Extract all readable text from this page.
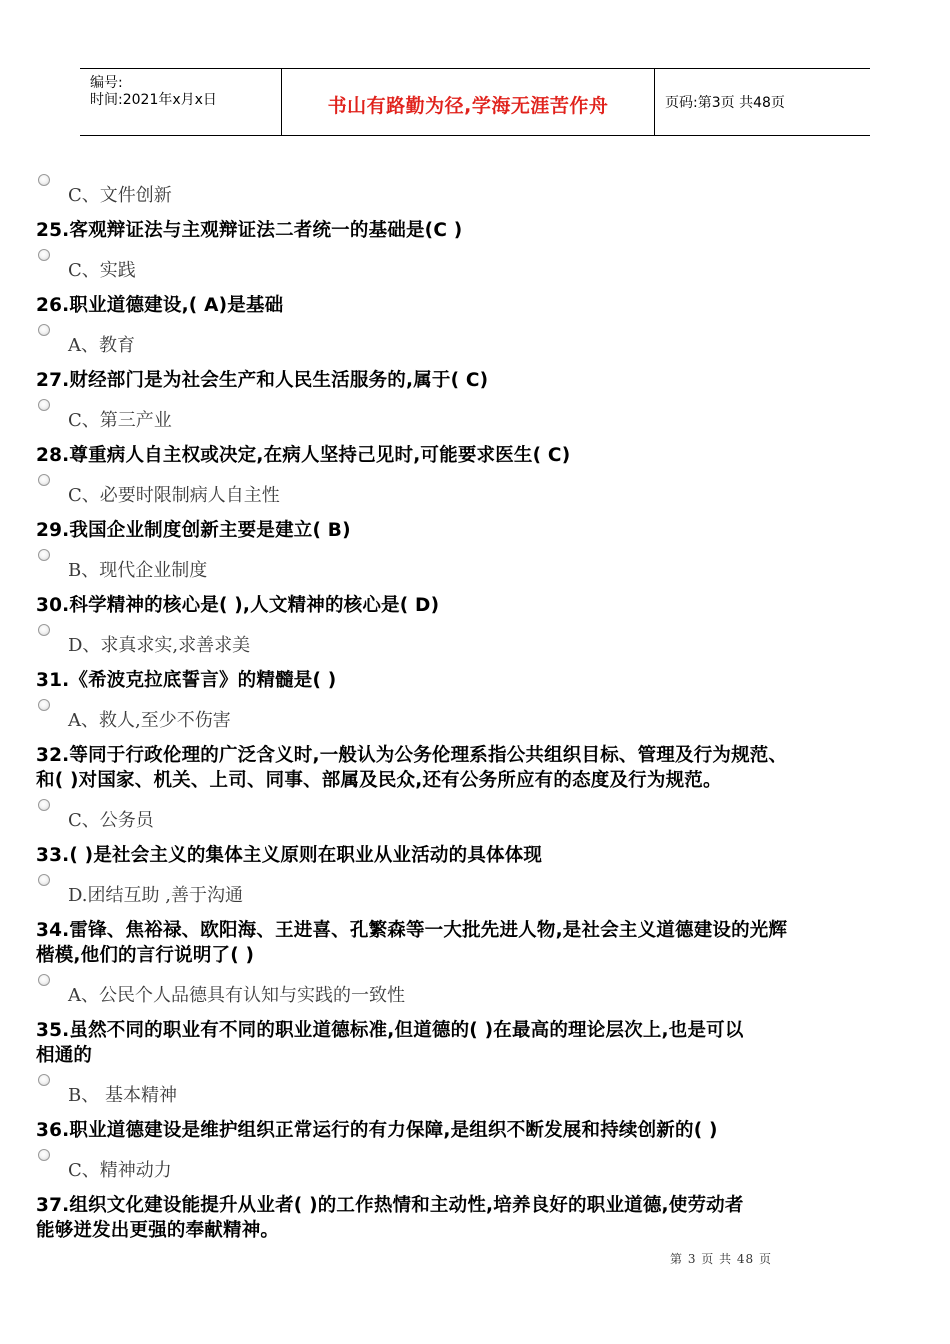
编号:
时间:2021年x月x日	书山有路勤为径,学海无涯苦作舟	页码:第3页 共48页
C、文件创新
25.客观辩证法与主观辩证法二者统一的基础是(C )
C、实践
26.职业道德建设,( A)是基础
A、教育
27.财经部门是为社会生产和人民生活服务的,属于( C)
C、第三产业
28.尊重病人自主权或决定,在病人坚持己见时,可能要求医生( C)
C、必要时限制病人自主性
29.我国企业制度创新主要是建立( B)
B、现代企业制度
30.科学精神的核心是( ),人文精神的核心是( D)
D、求真求实,求善求美
31.《希波克拉底誓言》的精髓是( )
A、救人,至少不伤害
32.等同于行政伦理的广泛含义时,一般认为公务伦理系指公共组织目标、管理及行为规范、
和( )对国家、机关、上司、同事、部属及民众,还有公务所应有的态度及行为规范。
C、公务员
33.( )是社会主义的集体主义原则在职业从业活动的具体体现
D.团结互助 ,善于沟通
34.雷锋、焦裕禄、欧阳海、王进喜、孔繁森等一大批先进人物,是社会主义道德建设的光辉
楷模,他们的言行说明了( )
A、公民个人品德具有认知与实践的一致性
35.虽然不同的职业有不同的职业道德标准,但道德的( )在最高的理论层次上,也是可以
相通的
B、 基本精神
36.职业道德建设是维护组织正常运行的有力保障,是组织不断发展和持续创新的( )
C、精神动力
37.组织文化建设能提升从业者( )的工作热情和主动性,培养良好的职业道德,使劳动者
能够迸发出更强的奉献精神。
第 3 页 共 48 页
